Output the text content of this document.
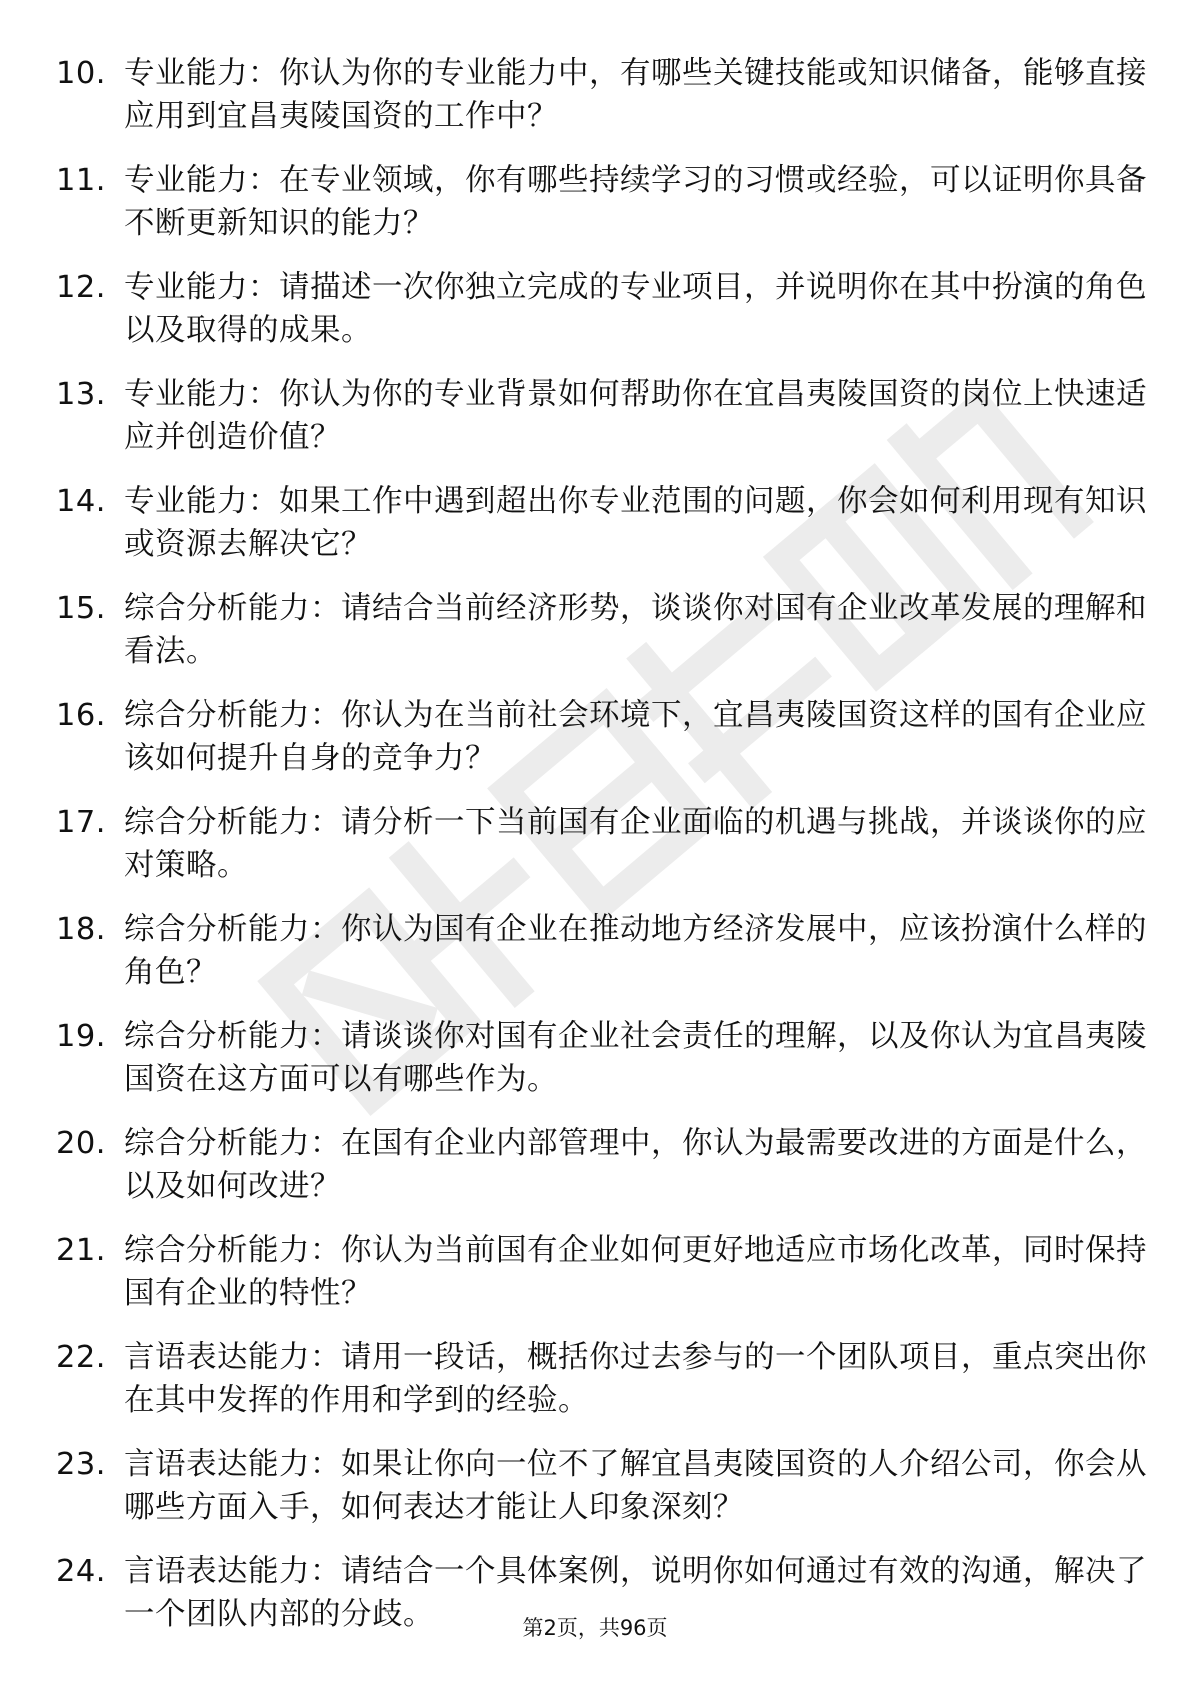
10. 专业能力：你认为你的专业能力中，有哪些关键技能或知识储备，能够直接应用到宜昌夷陵国资的工作中？
11. 专业能力：在专业领域，你有哪些持续学习的习惯或经验，可以证明你具备不断更新知识的能力？
12. 专业能力：请描述一次你独立完成的专业项目，并说明你在其中扮演的角色以及取得的成果。
13. 专业能力：你认为你的专业背景如何帮助你在宜昌夷陵国资的岗位上快速适应并创造价值？
14. 专业能力：如果工作中遇到超出你专业范围的问题，你会如何利用现有知识或资源去解决它？
15. 综合分析能力：请结合当前经济形势，谈谈你对国有企业改革发展的理解和看法。
16. 综合分析能力：你认为在当前社会环境下，宜昌夷陵国资这样的国有企业应该如何提升自身的竞争力？
17. 综合分析能力：请分析一下当前国有企业面临的机遇与挑战，并谈谈你的应对策略。
18. 综合分析能力：你认为国有企业在推动地方经济发展中，应该扮演什么样的角色？
19. 综合分析能力：请谈谈你对国有企业社会责任的理解，以及你认为宜昌夷陵国资在这方面可以有哪些作为。
20. 综合分析能力：在国有企业内部管理中，你认为最需要改进的方面是什么，以及如何改进？
21. 综合分析能力：你认为当前国有企业如何更好地适应市场化改革，同时保持国有企业的特性？
22. 言语表达能力：请用一段话，概括你过去参与的一个团队项目，重点突出你在其中发挥的作用和学到的经验。
23. 言语表达能力：如果让你向一位不了解宜昌夷陵国资的人介绍公司，你会从哪些方面入手，如何表达才能让人印象深刻？
24. 言语表达能力：请结合一个具体案例，说明你如何通过有效的沟通，解决了一个团队内部的分歧。	第2页，共96页
